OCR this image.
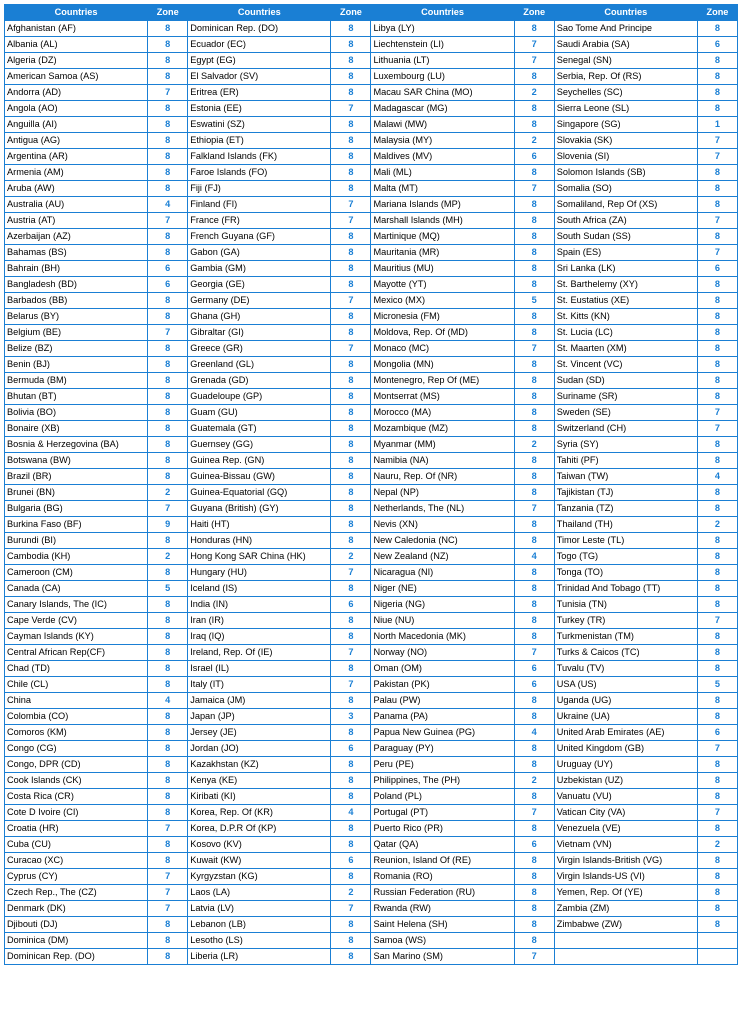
Countries	Zone	Countries	Zone	Countries	Zone	Countries	Zone
Afghanistan (AF)	8	Dominican Rep. (DO)	8	Libya (LY)	8	Sao Tome And Principe	8
Albania (AL)	8	Ecuador (EC)	8	Liechtenstein (LI)	7	Saudi Arabia (SA)	6
Algeria (DZ)	8	Egypt (EG)	8	Lithuania (LT)	7	Senegal (SN)	8
American Samoa (AS)	8	El Salvador (SV)	8	Luxembourg (LU)	8	Serbia, Rep. Of (RS)	8
Andorra (AD)	7	Eritrea (ER)	8	Macau SAR China (MO)	2	Seychelles (SC)	8
Angola (AO)	8	Estonia (EE)	7	Madagascar (MG)	8	Sierra Leone (SL)	8
Anguilla (AI)	8	Eswatini (SZ)	8	Malawi (MW)	8	Singapore (SG)	1
Antigua (AG)	8	Ethiopia (ET)	8	Malaysia (MY)	2	Slovakia (SK)	7
Argentina (AR)	8	Falkland Islands (FK)	8	Maldives (MV)	6	Slovenia (SI)	7
Armenia (AM)	8	Faroe Islands (FO)	8	Mali (ML)	8	Solomon Islands (SB)	8
Aruba (AW)	8	Fiji (FJ)	8	Malta (MT)	7	Somalia (SO)	8
Australia (AU)	4	Finland (FI)	7	Mariana Islands (MP)	8	Somaliland, Rep Of (XS)	8
Austria (AT)	7	France (FR)	7	Marshall Islands (MH)	8	South Africa (ZA)	7
Azerbaijan (AZ)	8	French Guyana (GF)	8	Martinique (MQ)	8	South Sudan (SS)	8
Bahamas (BS)	8	Gabon (GA)	8	Mauritania (MR)	8	Spain (ES)	7
Bahrain (BH)	6	Gambia (GM)	8	Mauritius (MU)	8	Sri Lanka (LK)	6
Bangladesh (BD)	6	Georgia (GE)	8	Mayotte (YT)	8	St. Barthelemy (XY)	8
Barbados (BB)	8	Germany (DE)	7	Mexico (MX)	5	St. Eustatius (XE)	8
Belarus (BY)	8	Ghana (GH)	8	Micronesia (FM)	8	St. Kitts (KN)	8
Belgium (BE)	7	Gibraltar (GI)	8	Moldova, Rep. Of (MD)	8	St. Lucia (LC)	8
Belize (BZ)	8	Greece (GR)	7	Monaco (MC)	7	St. Maarten (XM)	8
Benin (BJ)	8	Greenland (GL)	8	Mongolia (MN)	8	St. Vincent (VC)	8
Bermuda (BM)	8	Grenada (GD)	8	Montenegro, Rep Of (ME)	8	Sudan (SD)	8
Bhutan (BT)	8	Guadeloupe (GP)	8	Montserrat (MS)	8	Suriname (SR)	8
Bolivia (BO)	8	Guam (GU)	8	Morocco (MA)	8	Sweden (SE)	7
Bonaire (XB)	8	Guatemala (GT)	8	Mozambique (MZ)	8	Switzerland (CH)	7
Bosnia & Herzegovina (BA)	8	Guernsey (GG)	8	Myanmar (MM)	2	Syria (SY)	8
Botswana (BW)	8	Guinea Rep. (GN)	8	Namibia (NA)	8	Tahiti (PF)	8
Brazil (BR)	8	Guinea-Bissau (GW)	8	Nauru, Rep. Of (NR)	8	Taiwan (TW)	4
Brunei (BN)	2	Guinea-Equatorial (GQ)	8	Nepal (NP)	8	Tajikistan (TJ)	8
Bulgaria (BG)	7	Guyana (British) (GY)	8	Netherlands, The (NL)	7	Tanzania (TZ)	8
Burkina Faso (BF)	9	Haiti (HT)	8	Nevis (XN)	8	Thailand (TH)	2
Burundi (BI)	8	Honduras (HN)	8	New Caledonia (NC)	8	Timor Leste (TL)	8
Cambodia (KH)	2	Hong Kong SAR China (HK)	2	New Zealand (NZ)	4	Togo (TG)	8
Cameroon (CM)	8	Hungary (HU)	7	Nicaragua (NI)	8	Tonga (TO)	8
Canada (CA)	5	Iceland (IS)	8	Niger (NE)	8	Trinidad And Tobago (TT)	8
Canary Islands, The (IC)	8	India (IN)	6	Nigeria (NG)	8	Tunisia (TN)	8
Cape Verde (CV)	8	Iran (IR)	8	Niue (NU)	8	Turkey (TR)	7
Cayman Islands (KY)	8	Iraq (IQ)	8	North Macedonia (MK)	8	Turkmenistan (TM)	8
Central African Rep(CF)	8	Ireland, Rep. Of (IE)	7	Norway (NO)	7	Turks & Caicos (TC)	8
Chad (TD)	8	Israel (IL)	8	Oman (OM)	6	Tuvalu (TV)	8
Chile (CL)	8	Italy (IT)	7	Pakistan (PK)	6	USA (US)	5
China	4	Jamaica (JM)	8	Palau (PW)	8	Uganda (UG)	8
Colombia (CO)	8	Japan (JP)	3	Panama (PA)	8	Ukraine (UA)	8
Comoros (KM)	8	Jersey (JE)	8	Papua New Guinea (PG)	4	United Arab Emirates (AE)	6
Congo (CG)	8	Jordan (JO)	6	Paraguay (PY)	8	United Kingdom (GB)	7
Congo, DPR (CD)	8	Kazakhstan (KZ)	8	Peru (PE)	8	Uruguay (UY)	8
Cook Islands (CK)	8	Kenya (KE)	8	Philippines, The (PH)	2	Uzbekistan (UZ)	8
Costa Rica (CR)	8	Kiribati (KI)	8	Poland (PL)	8	Vanuatu (VU)	8
Cote D Ivoire (CI)	8	Korea, Rep. Of (KR)	4	Portugal (PT)	7	Vatican City (VA)	7
Croatia (HR)	7	Korea, D.P.R Of (KP)	8	Puerto Rico (PR)	8	Venezuela (VE)	8
Cuba (CU)	8	Kosovo (KV)	8	Qatar (QA)	6	Vietnam (VN)	2
Curacao (XC)	8	Kuwait (KW)	6	Reunion, Island Of (RE)	8	Virgin Islands-British (VG)	8
Cyprus (CY)	7	Kyrgyzstan (KG)	8	Romania (RO)	8	Virgin Islands-US (VI)	8
Czech Rep., The (CZ)	7	Laos (LA)	2	Russian Federation (RU)	8	Yemen, Rep. Of (YE)	8
Denmark (DK)	7	Latvia (LV)	7	Rwanda (RW)	8	Zambia (ZM)	8
Djibouti (DJ)	8	Lebanon (LB)	8	Saint Helena (SH)	8	Zimbabwe (ZW)	8
Dominica (DM)	8	Lesotho (LS)	8	Samoa (WS)	8		
Dominican Rep. (DO)	8	Liberia (LR)	8	San Marino (SM)	7		
